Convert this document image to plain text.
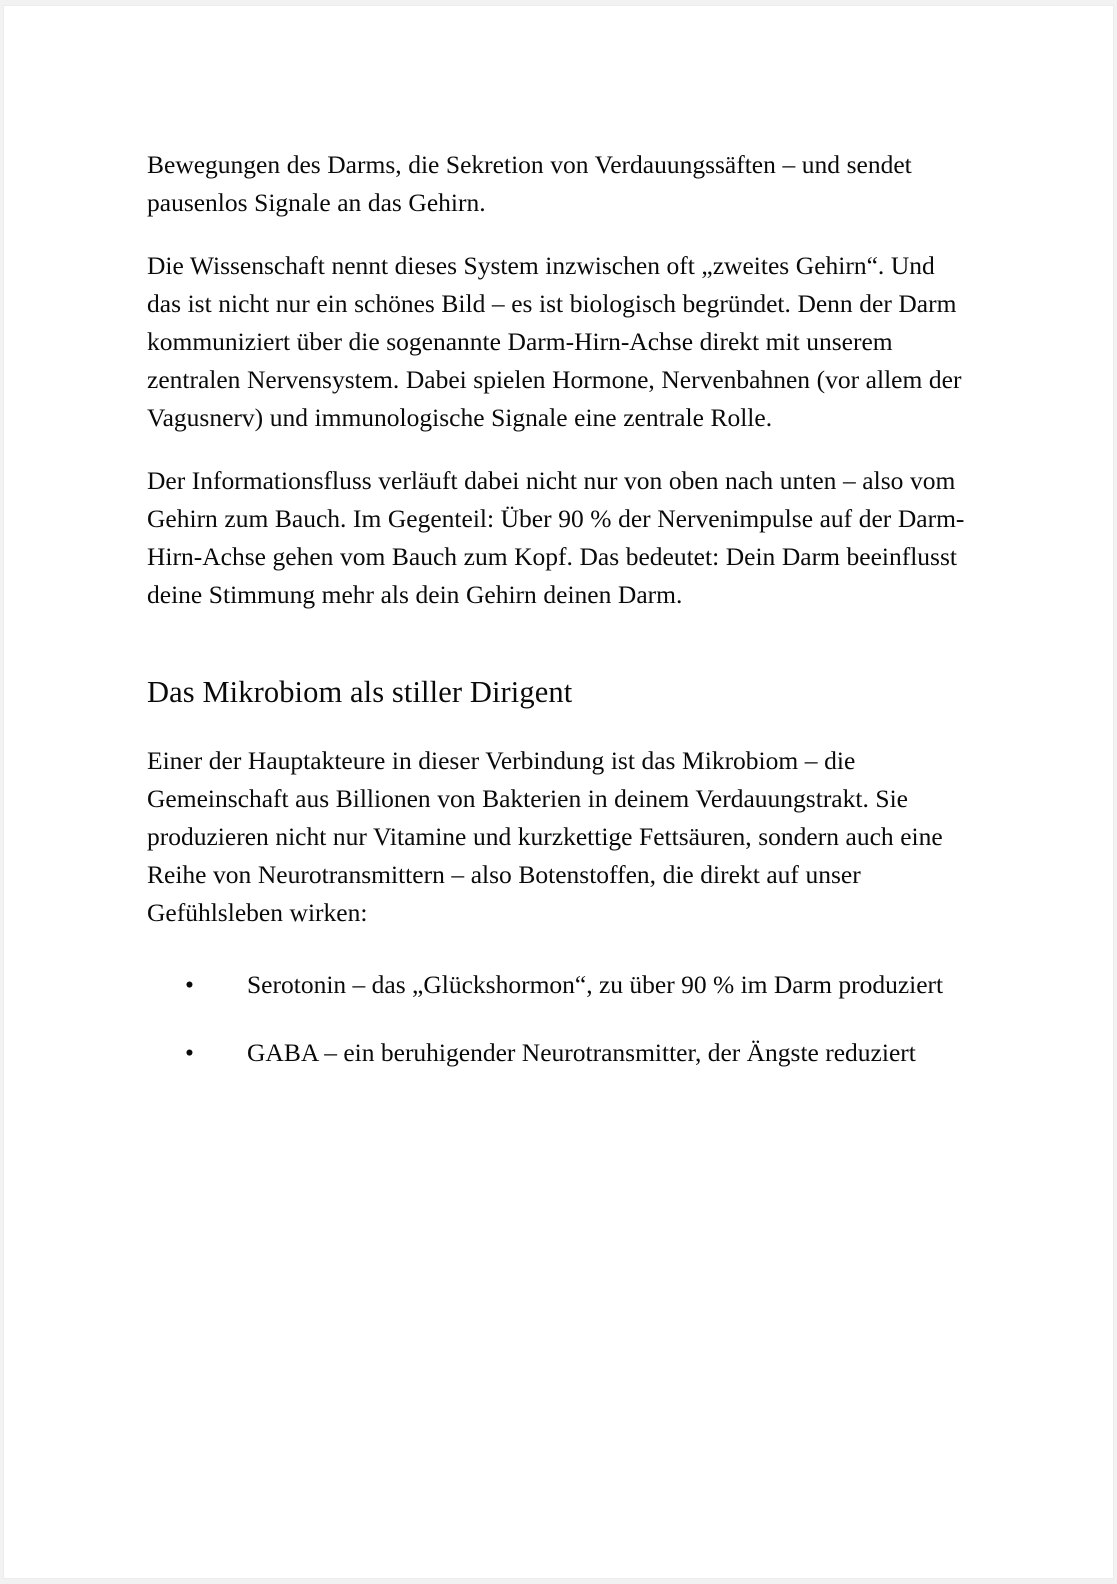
Bewegungen des Darms, die Sekretion von Verdauungssäften – und sendet pausenlos Signale an das Gehirn.

Die Wissenschaft nennt dieses System inzwischen oft „zweites Gehirn“. Und das ist nicht nur ein schönes Bild – es ist biologisch begründet. Denn der Darm kommuniziert über die sogenannte Darm-Hirn-Achse direkt mit unserem zentralen Nervensystem. Dabei spielen Hormone, Nervenbahnen (vor allem der Vagusnerv) und immunologische Signale eine zentrale Rolle.

Der Informationsfluss verläuft dabei nicht nur von oben nach unten – also vom Gehirn zum Bauch. Im Gegenteil: Über 90 % der Nervenimpulse auf der Darm-Hirn-Achse gehen vom Bauch zum Kopf. Das bedeutet: Dein Darm beeinflusst deine Stimmung mehr als dein Gehirn deinen Darm.

Das Mikrobiom als stiller Dirigent

Einer der Hauptakteure in dieser Verbindung ist das Mikrobiom – die Gemeinschaft aus Billionen von Bakterien in deinem Verdauungstrakt. Sie produzieren nicht nur Vitamine und kurzkettige Fettsäuren, sondern auch eine Reihe von Neurotransmittern – also Botenstoffen, die direkt auf unser Gefühlsleben wirken:

•	Serotonin – das „Glückshormon“, zu über 90 % im Darm produziert
•	GABA – ein beruhigender Neurotransmitter, der Ängste reduziert
